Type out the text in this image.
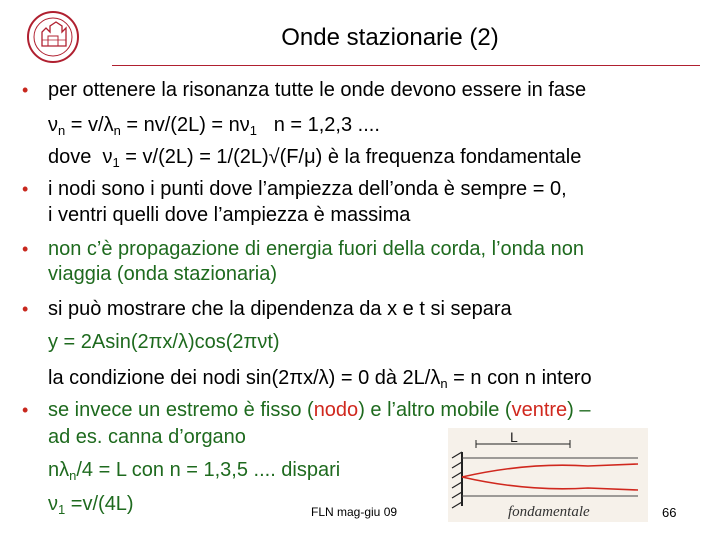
Onde stazionarie (2)
• per ottenere la risonanza tutte le onde devono essere in fase
$\nu_n = v/\lambda_n = nv/(2L) = n\nu_1$   n = 1,2,3 ....
dove  $\nu_1 = v/(2L) = 1/(2L)√(F/\mu)$ è la frequenza fondamentale
• i nodi sono i punti dove l’ampiezza dell’onda è sempre = 0,
i ventri quelli dove l’ampiezza è massima
• non c’è propagazione di energia fuori della corda, l’onda non
viaggia (onda stazionaria)
• si può mostrare che la dipendenza da x e t si separa
y = 2Asin(2πx/λ)cos(2πνt)
la condizione dei nodi sin(2πx/λ) = 0 dà $2L/\lambda_n = n$ con n intero
• se invece un estremo è fisso (nodo) e l’altro mobile (ventre) –
ad es. canna d’organo
$n\lambda_n/4 = L$ con n = 1,3,5 .... dispari
$\nu_1 =v/(4L)$
L
fondamentale
FLN mag-giu 09	66
